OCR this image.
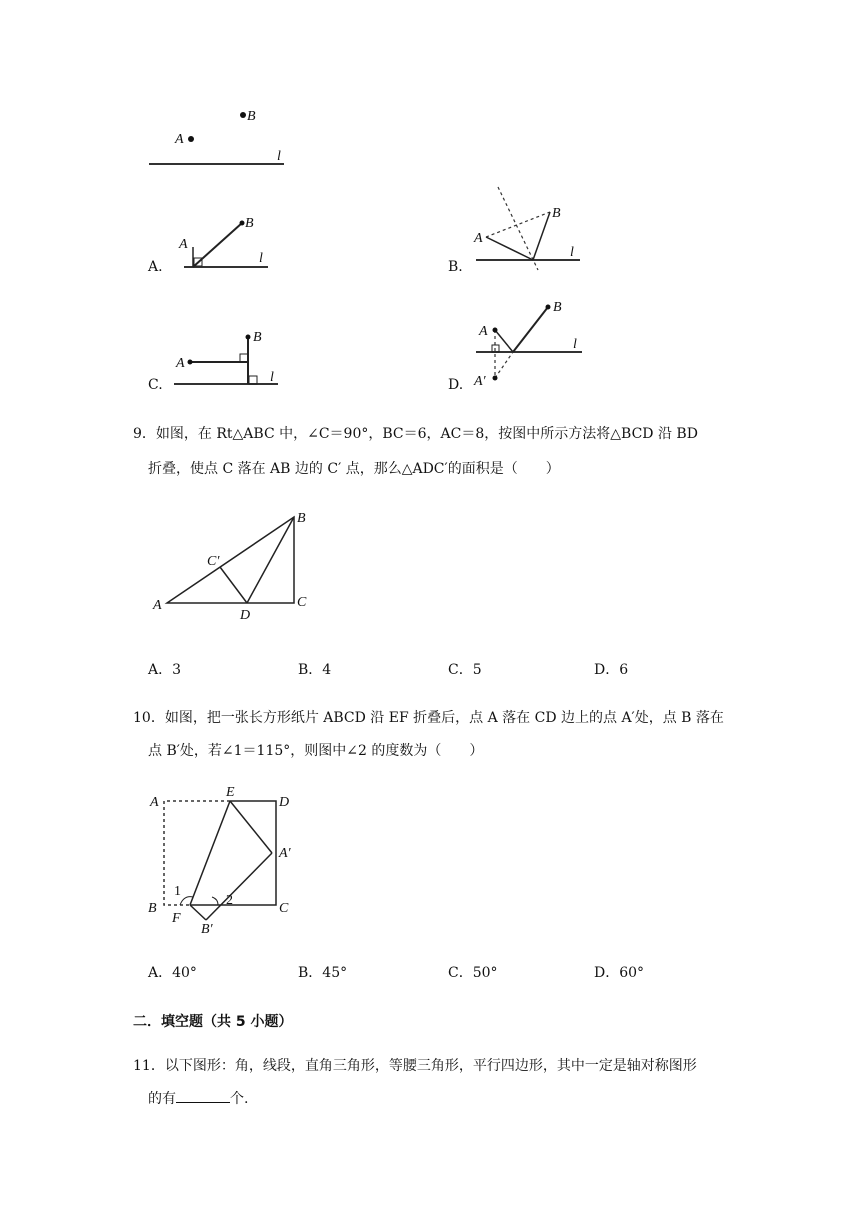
A
B
l
A.
A
B
l
B.
A
B
l
C.
A
B
l	D.
A
B
l
A′
9．如图，在 Rt△ABC 中，∠C＝90°，BC＝6，AC＝8，按图中所示方法将△BCD 沿 BD
折叠，使点 C 落在 AB 边的 C′ 点，那么△ADC′的面积是（　　）
A
B
C
C′
D
A．3	B．4	C．5	D．6
10．如图，把一张长方形纸片 ABCD 沿 EF 折叠后，点 A 落在 CD 边上的点 A′处，点 B 落在
点 B′处，若∠1＝115°，则图中∠2 的度数为（　　）
A
E
D
A′
B	C
F
B′
1
2
A．40°	B．45°	C．50°	D．60°
二．填空题（共 5 小题）
11．以下图形：角，线段，直角三角形，等腰三角形，平行四边形，其中一定是轴对称图形
的有	个.
